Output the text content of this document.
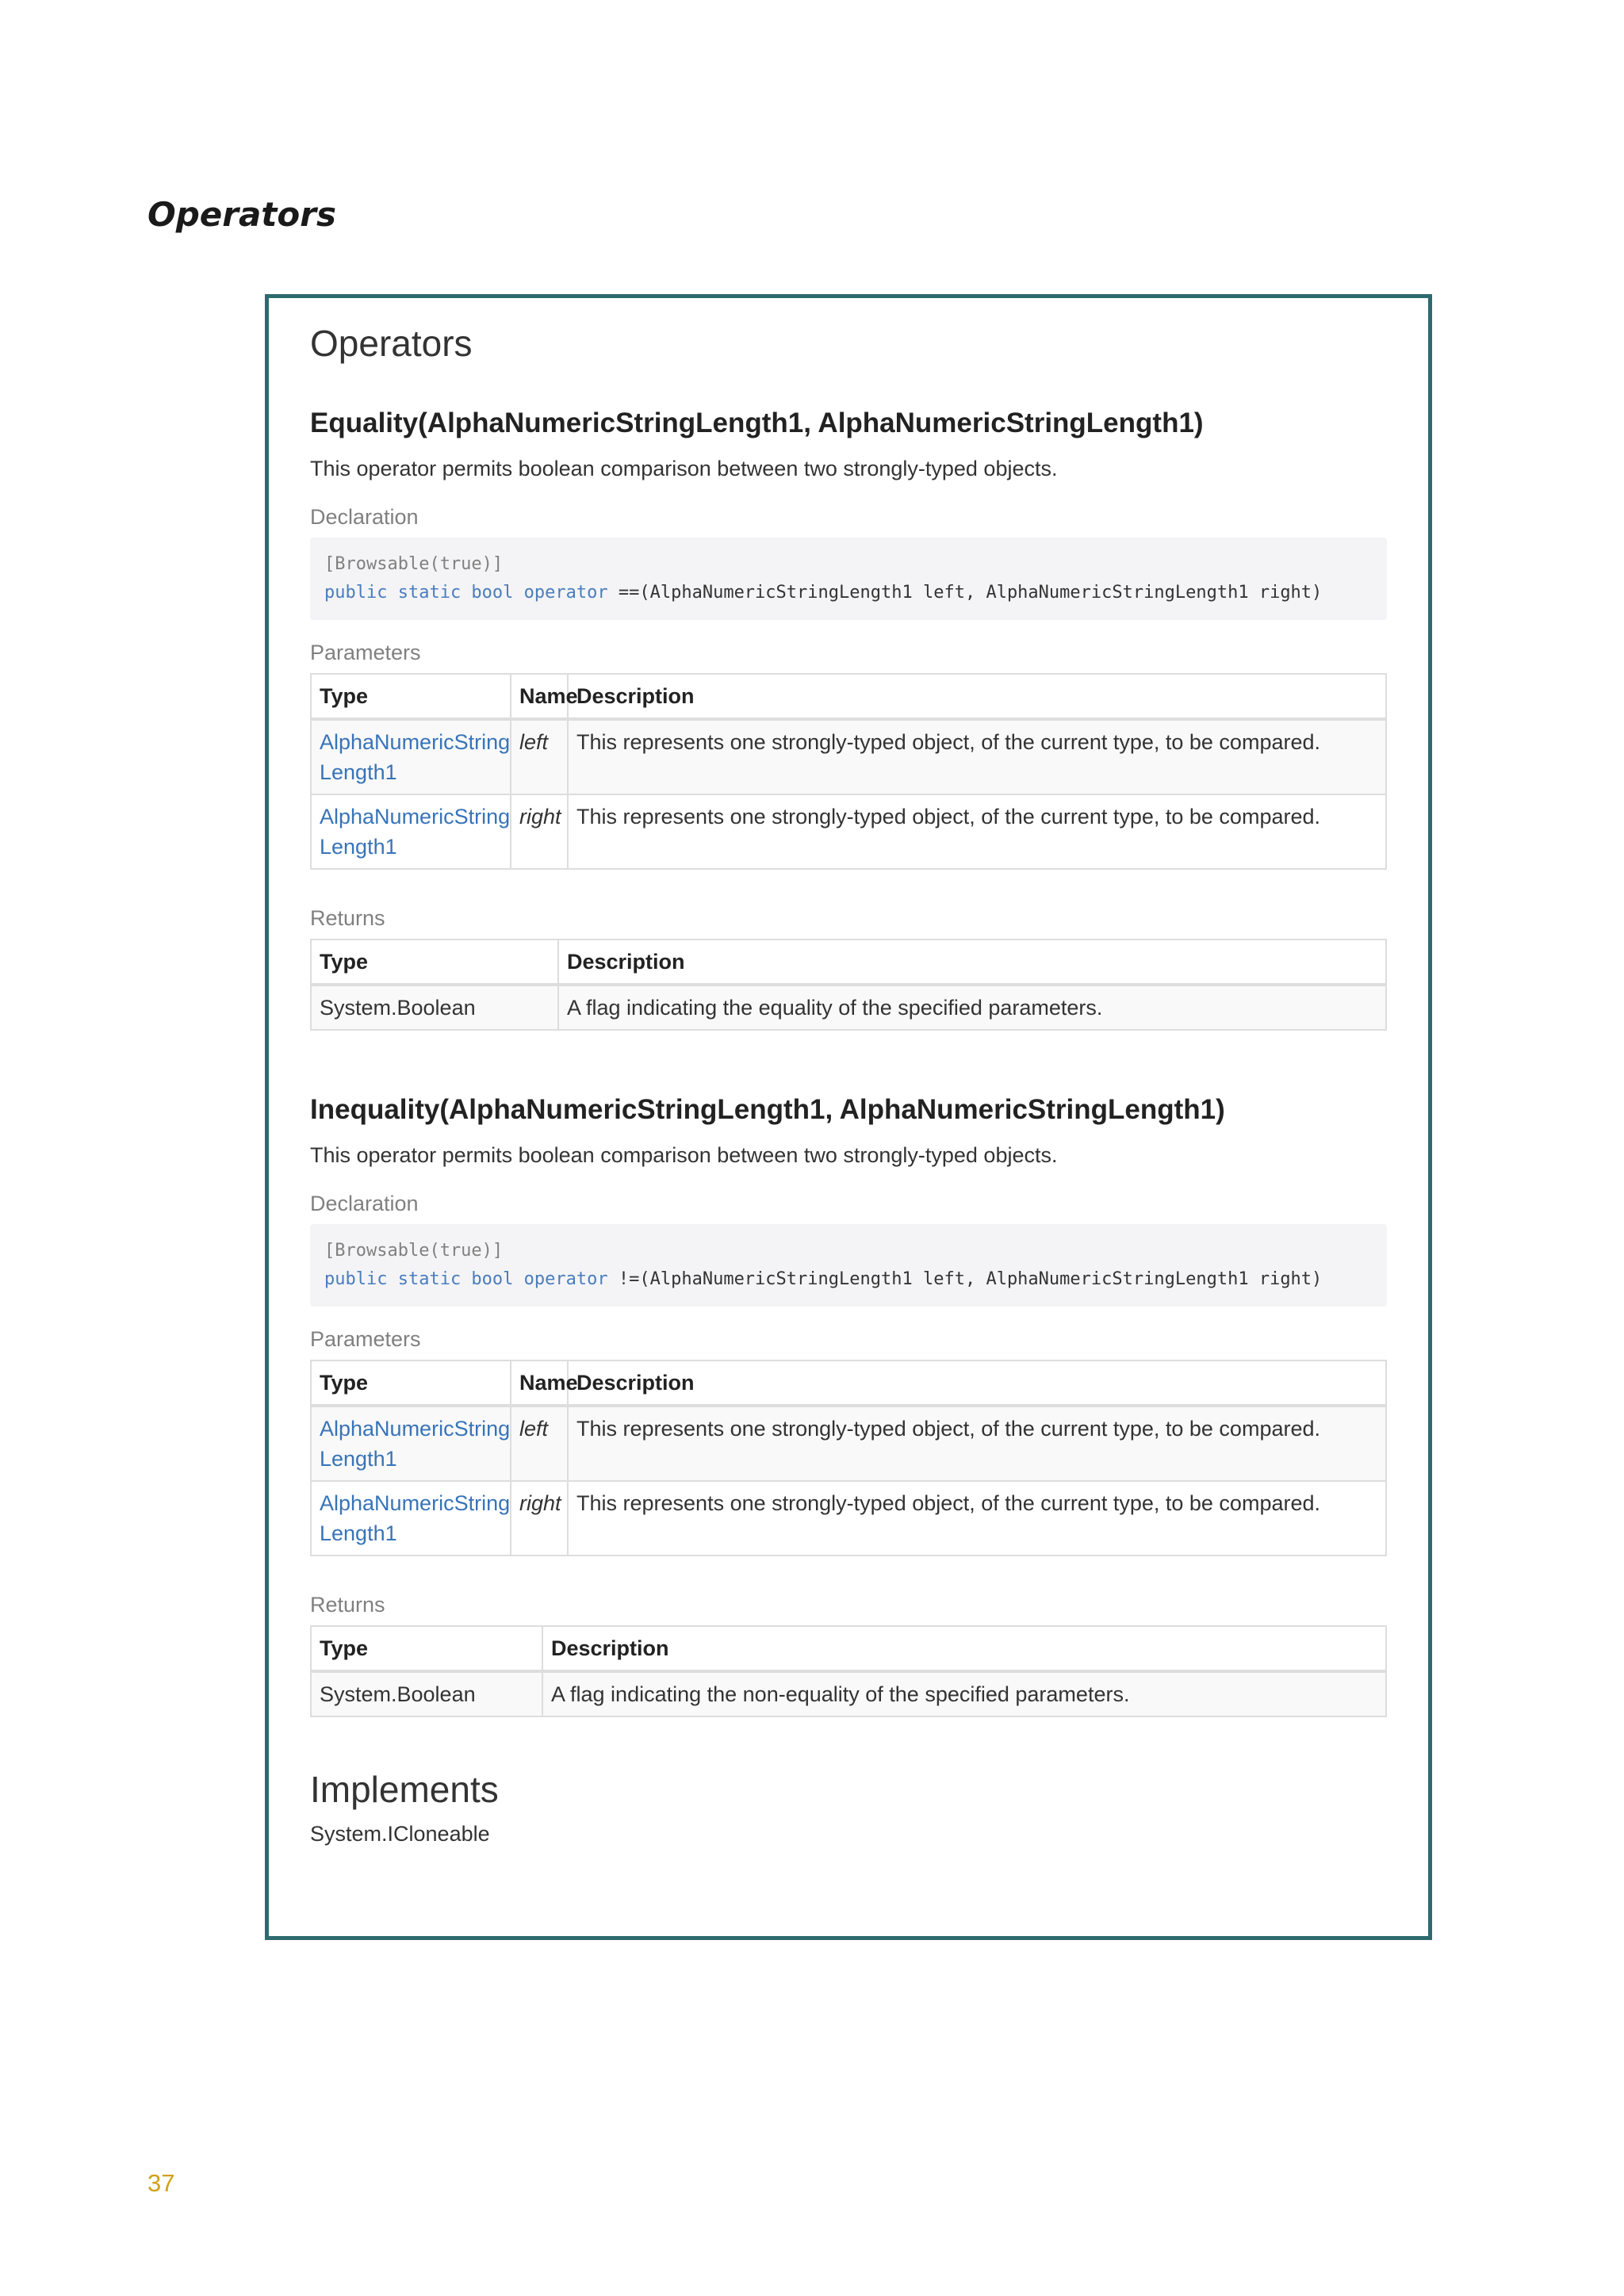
Operators
Operators
Equality(AlphaNumericStringLength1, AlphaNumericStringLength1)

This operator permits boolean comparison between two strongly-typed objects.

Declaration
[Browsable(true)]
public static bool operator ==(AlphaNumericStringLength1 left, AlphaNumericStringLength1 right)
Parameters
Type	Name	Description
AlphaNumericString Length1	left	This represents one strongly-typed object, of the current type, to be compared.
AlphaNumericString Length1	right	This represents one strongly-typed object, of the current type, to be compared.
Returns
Type	Description
System.Boolean	A flag indicating the equality of the specified parameters.
Inequality(AlphaNumericStringLength1, AlphaNumericStringLength1)

This operator permits boolean comparison between two strongly-typed objects.

Declaration
[Browsable(true)]
public static bool operator !=(AlphaNumericStringLength1 left, AlphaNumericStringLength1 right)
Parameters
Type	Name	Description
AlphaNumericString Length1	left	This represents one strongly-typed object, of the current type, to be compared.
AlphaNumericString Length1	right	This represents one strongly-typed object, of the current type, to be compared.
Returns
Type	Description
System.Boolean	A flag indicating the non-equality of the specified parameters.
Implements
System.ICloneable
37
